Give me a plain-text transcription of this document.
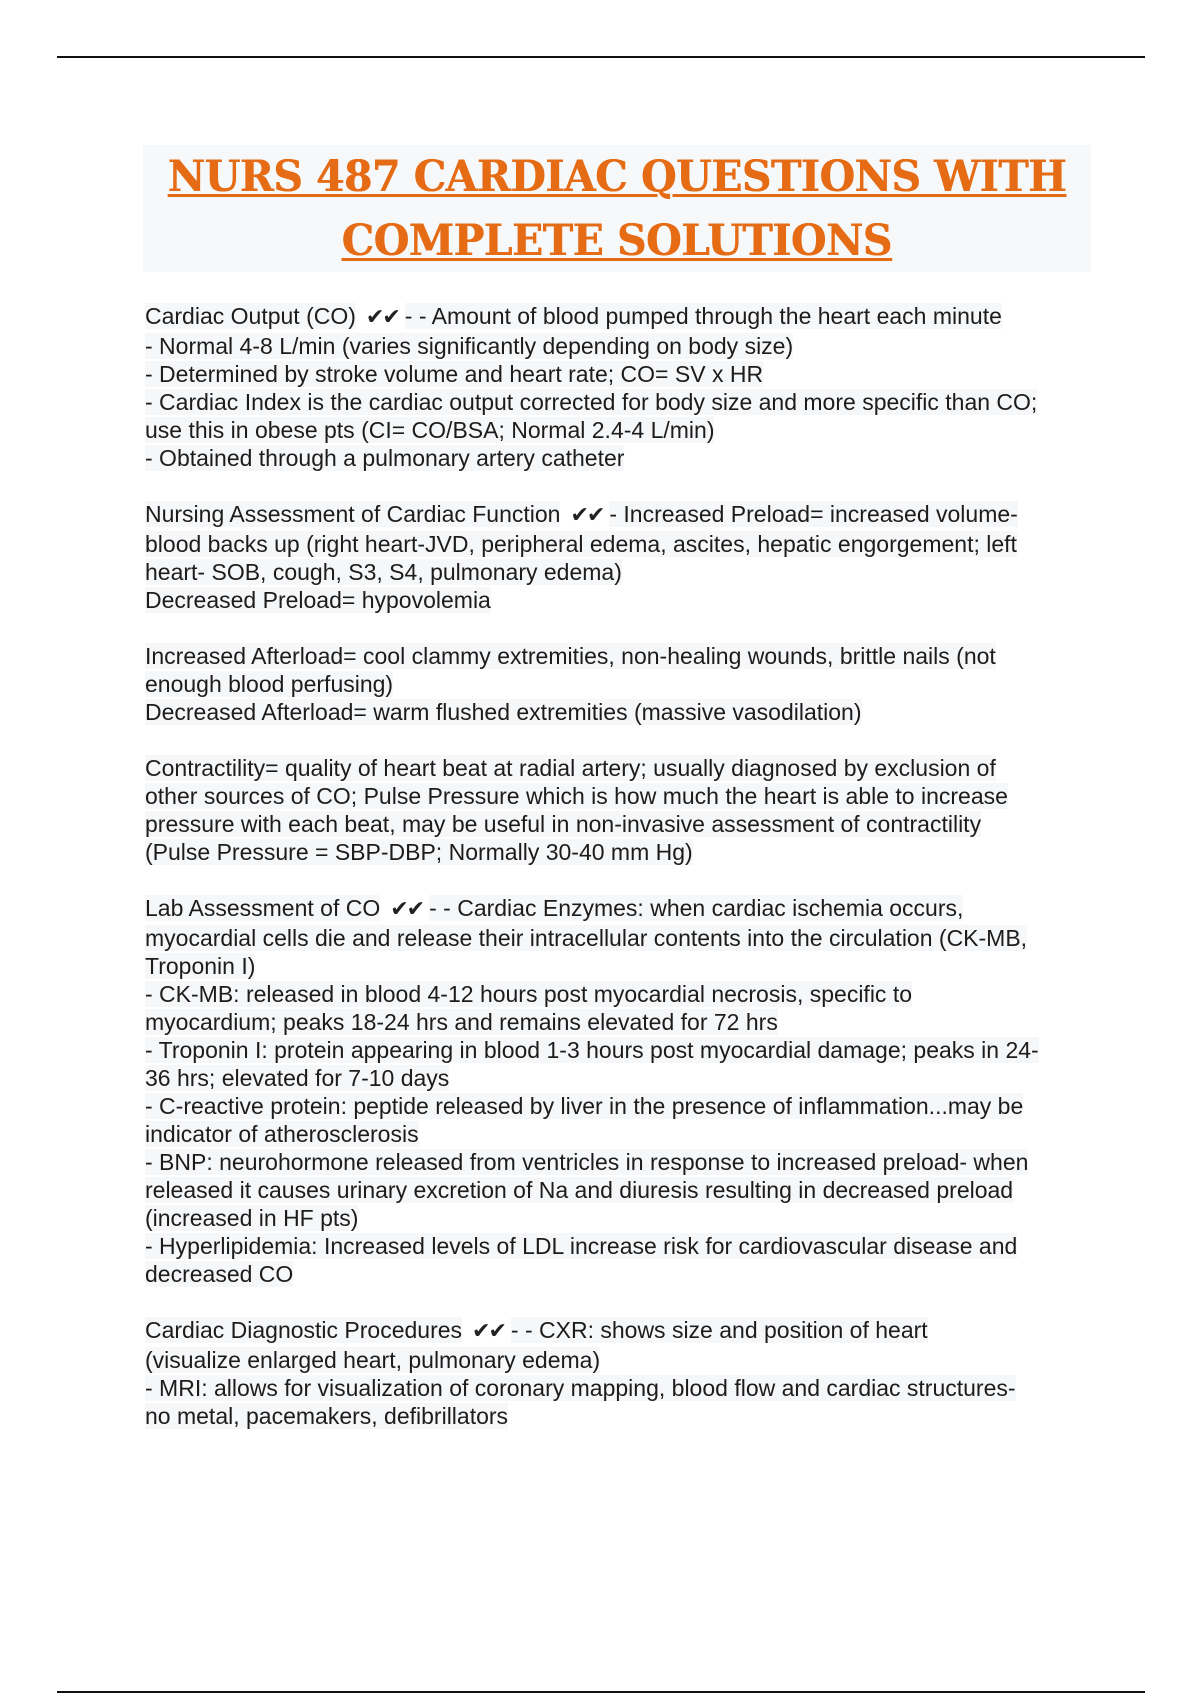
NURS 487 CARDIAC QUESTIONS WITH
COMPLETE SOLUTIONS
Cardiac Output (CO) ✔✔ - - Amount of blood pumped through the heart each minute
- Normal 4-8 L/min (varies significantly depending on body size)
- Determined by stroke volume and heart rate; CO= SV x HR
- Cardiac Index is the cardiac output corrected for body size and more specific than CO;
use this in obese pts (CI= CO/BSA; Normal 2.4-4 L/min)
- Obtained through a pulmonary artery catheter
Nursing Assessment of Cardiac Function ✔✔ - Increased Preload= increased volume-
blood backs up (right heart-JVD, peripheral edema, ascites, hepatic engorgement; left
heart- SOB, cough, S3, S4, pulmonary edema)
Decreased Preload= hypovolemia
Increased Afterload= cool clammy extremities, non-healing wounds, brittle nails (not
enough blood perfusing)
Decreased Afterload= warm flushed extremities (massive vasodilation)
Contractility= quality of heart beat at radial artery; usually diagnosed by exclusion of
other sources of CO; Pulse Pressure which is how much the heart is able to increase
pressure with each beat, may be useful in non-invasive assessment of contractility
(Pulse Pressure = SBP-DBP; Normally 30-40 mm Hg)
Lab Assessment of CO ✔✔ - - Cardiac Enzymes: when cardiac ischemia occurs,
myocardial cells die and release their intracellular contents into the circulation (CK-MB,
Troponin I)
- CK-MB: released in blood 4-12 hours post myocardial necrosis, specific to
myocardium; peaks 18-24 hrs and remains elevated for 72 hrs
- Troponin I: protein appearing in blood 1-3 hours post myocardial damage; peaks in 24-
36 hrs; elevated for 7-10 days
- C-reactive protein: peptide released by liver in the presence of inflammation...may be
indicator of atherosclerosis
- BNP: neurohormone released from ventricles in response to increased preload- when
released it causes urinary excretion of Na and diuresis resulting in decreased preload
(increased in HF pts)
- Hyperlipidemia: Increased levels of LDL increase risk for cardiovascular disease and
decreased CO
Cardiac Diagnostic Procedures ✔✔ - - CXR: shows size and position of heart
(visualize enlarged heart, pulmonary edema)
- MRI: allows for visualization of coronary mapping, blood flow and cardiac structures-
no metal, pacemakers, defibrillators
